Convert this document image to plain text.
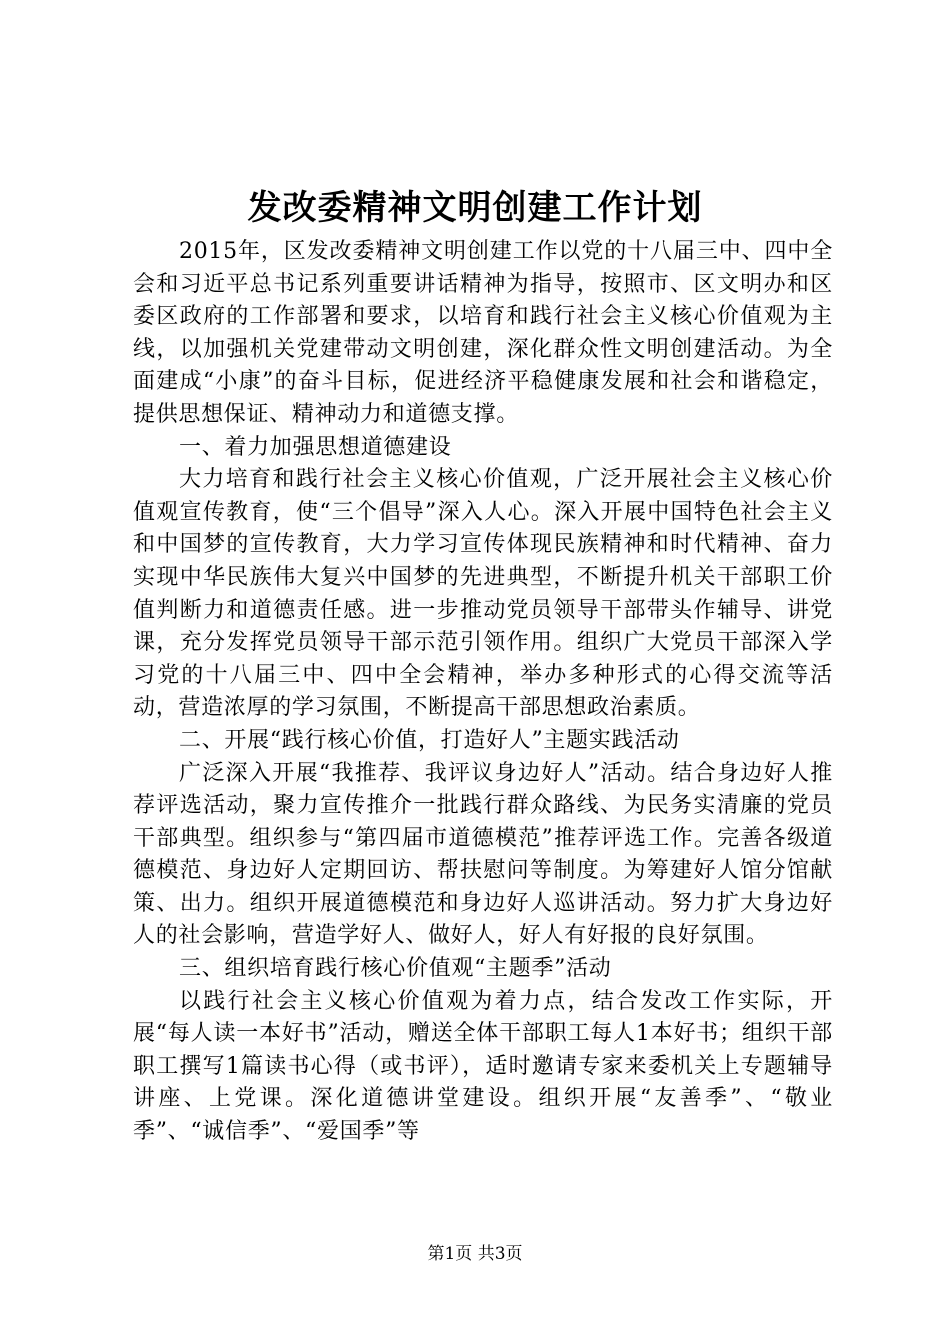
发改委精神文明创建工作计划

2015年，区发改委精神文明创建工作以党的十八届三中、四中全会和习近平总书记系列重要讲话精神为指导，按照市、区文明办和区委区政府的工作部署和要求，以培育和践行社会主义核心价值观为主线，以加强机关党建带动文明创建，深化群众性文明创建活动。为全面建成“小康”的奋斗目标，促进经济平稳健康发展和社会和谐稳定，提供思想保证、精神动力和道德支撑。

一、着力加强思想道德建设

大力培育和践行社会主义核心价值观，广泛开展社会主义核心价值观宣传教育，使“三个倡导”深入人心。深入开展中国特色社会主义和中国梦的宣传教育，大力学习宣传体现民族精神和时代精神、奋力实现中华民族伟大复兴中国梦的先进典型，不断提升机关干部职工价值判断力和道德责任感。进一步推动党员领导干部带头作辅导、讲党课，充分发挥党员领导干部示范引领作用。组织广大党员干部深入学习党的十八届三中、四中全会精神，举办多种形式的心得交流等活动，营造浓厚的学习氛围，不断提高干部思想政治素质。

二、开展“践行核心价值，打造好人”主题实践活动

广泛深入开展“我推荐、我评议身边好人”活动。结合身边好人推荐评选活动，聚力宣传推介一批践行群众路线、为民务实清廉的党员干部典型。组织参与“第四届市道德模范”推荐评选工作。完善各级道德模范、身边好人定期回访、帮扶慰问等制度。为筹建好人馆分馆献策、出力。组织开展道德模范和身边好人巡讲活动。努力扩大身边好人的社会影响，营造学好人、做好人，好人有好报的良好氛围。

三、组织培育践行核心价值观“主题季”活动

以践行社会主义核心价值观为着力点，结合发改工作实际，开展“每人读一本好书”活动，赠送全体干部职工每人1本好书；组织干部职工撰写1篇读书心得（或书评），适时邀请专家来委机关上专题辅导讲座、上党课。深化道德讲堂建设。组织开展“友善季”、“敬业季”、“诚信季”、“爱国季”等

第1页 共3页
